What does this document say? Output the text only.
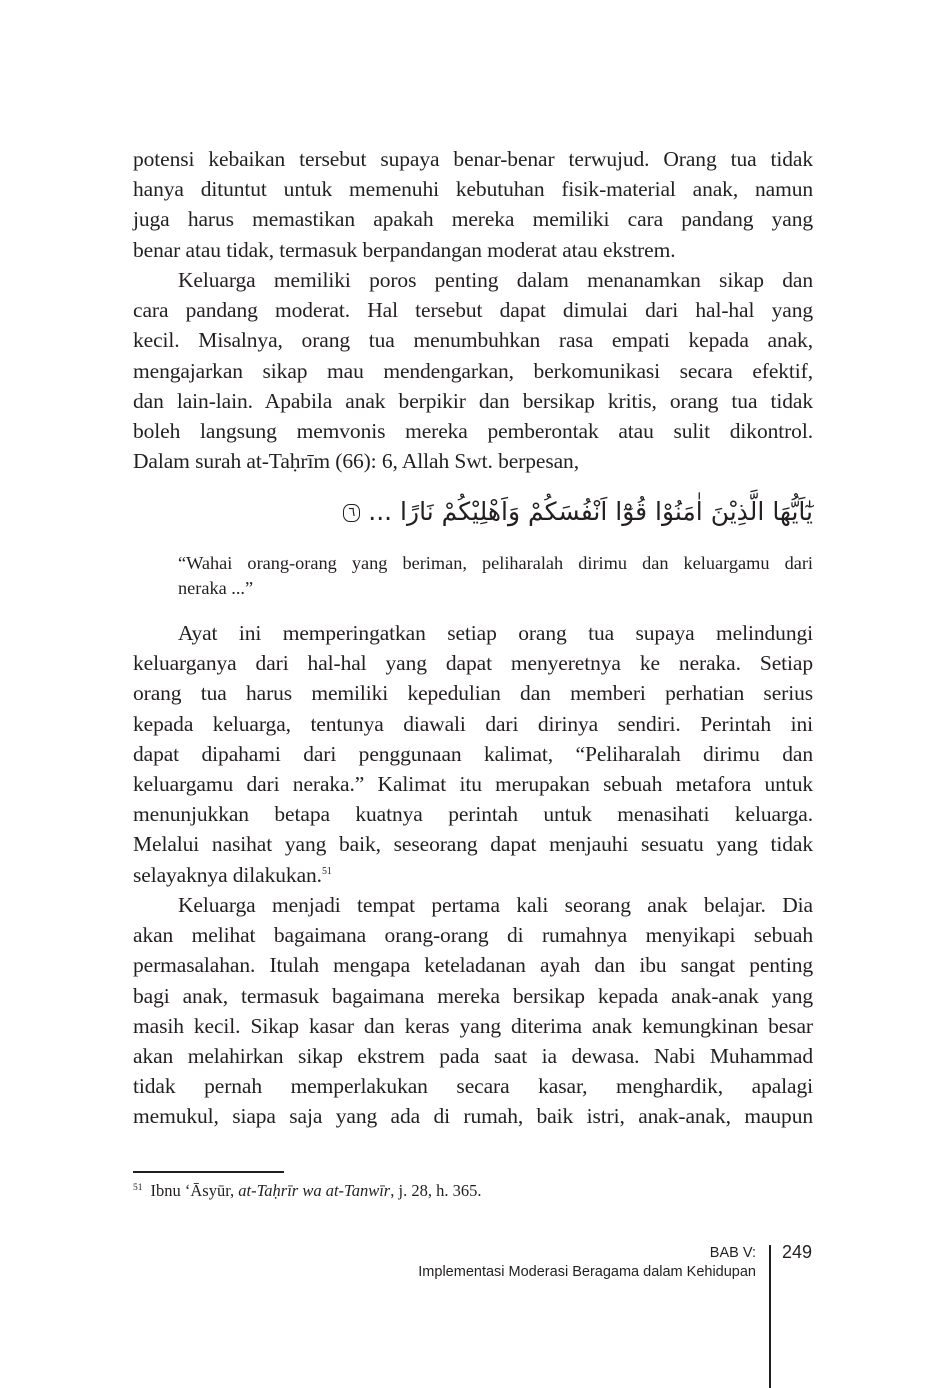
potensi kebaikan tersebut supaya benar-benar terwujud. Orang tua tidak
hanya dituntut untuk memenuhi kebutuhan fisik-material anak, namun
juga harus memastikan apakah mereka memiliki cara pandang yang
benar atau tidak, termasuk berpandangan moderat atau ekstrem.
Keluarga memiliki poros penting dalam menanamkan sikap dan
cara pandang moderat. Hal tersebut dapat dimulai dari hal-hal yang
kecil. Misalnya, orang tua menumbuhkan rasa empati kepada anak,
mengajarkan sikap mau mendengarkan, berkomunikasi secara efektif,
dan lain-lain. Apabila anak berpikir dan bersikap kritis, orang tua tidak
boleh langsung memvonis mereka pemberontak atau sulit dikontrol.
Dalam surah at-Taḥrīm (66): 6, Allah Swt. berpesan,
يٰٓاَيُّهَا الَّذِيْنَ اٰمَنُوْا قُوْٓا اَنْفُسَكُمْ وَاَهْلِيْكُمْ نَارًا ... ٦
“Wahai orang-orang yang beriman, peliharalah dirimu dan keluargamu dari
neraka ...”
Ayat ini memperingatkan setiap orang tua supaya melindungi
keluarganya dari hal-hal yang dapat menyeretnya ke neraka. Setiap
orang tua harus memiliki kepedulian dan memberi perhatian serius
kepada keluarga, tentunya diawali dari dirinya sendiri. Perintah ini
dapat dipahami dari penggunaan kalimat, “Peliharalah dirimu dan
keluargamu dari neraka.” Kalimat itu merupakan sebuah metafora untuk
menunjukkan betapa kuatnya perintah untuk menasihati keluarga.
Melalui nasihat yang baik, seseorang dapat menjauhi sesuatu yang tidak
selayaknya dilakukan.$^{51}$
Keluarga menjadi tempat pertama kali seorang anak belajar. Dia
akan melihat bagaimana orang-orang di rumahnya menyikapi sebuah
permasalahan. Itulah mengapa keteladanan ayah dan ibu sangat penting
bagi anak, termasuk bagaimana mereka bersikap kepada anak-anak yang
masih kecil. Sikap kasar dan keras yang diterima anak kemungkinan besar
akan melahirkan sikap ekstrem pada saat ia dewasa. Nabi Muhammad
tidak pernah memperlakukan secara kasar, menghardik, apalagi
memukul, siapa saja yang ada di rumah, baik istri, anak-anak, maupun
$^{51}$ Ibnu ‘Āsyūr, at-Taḥrīr wa at-Tanwīr, j. 28, h. 365.
BAB V:
Implementasi Moderasi Beragama dalam Kehidupan
249
